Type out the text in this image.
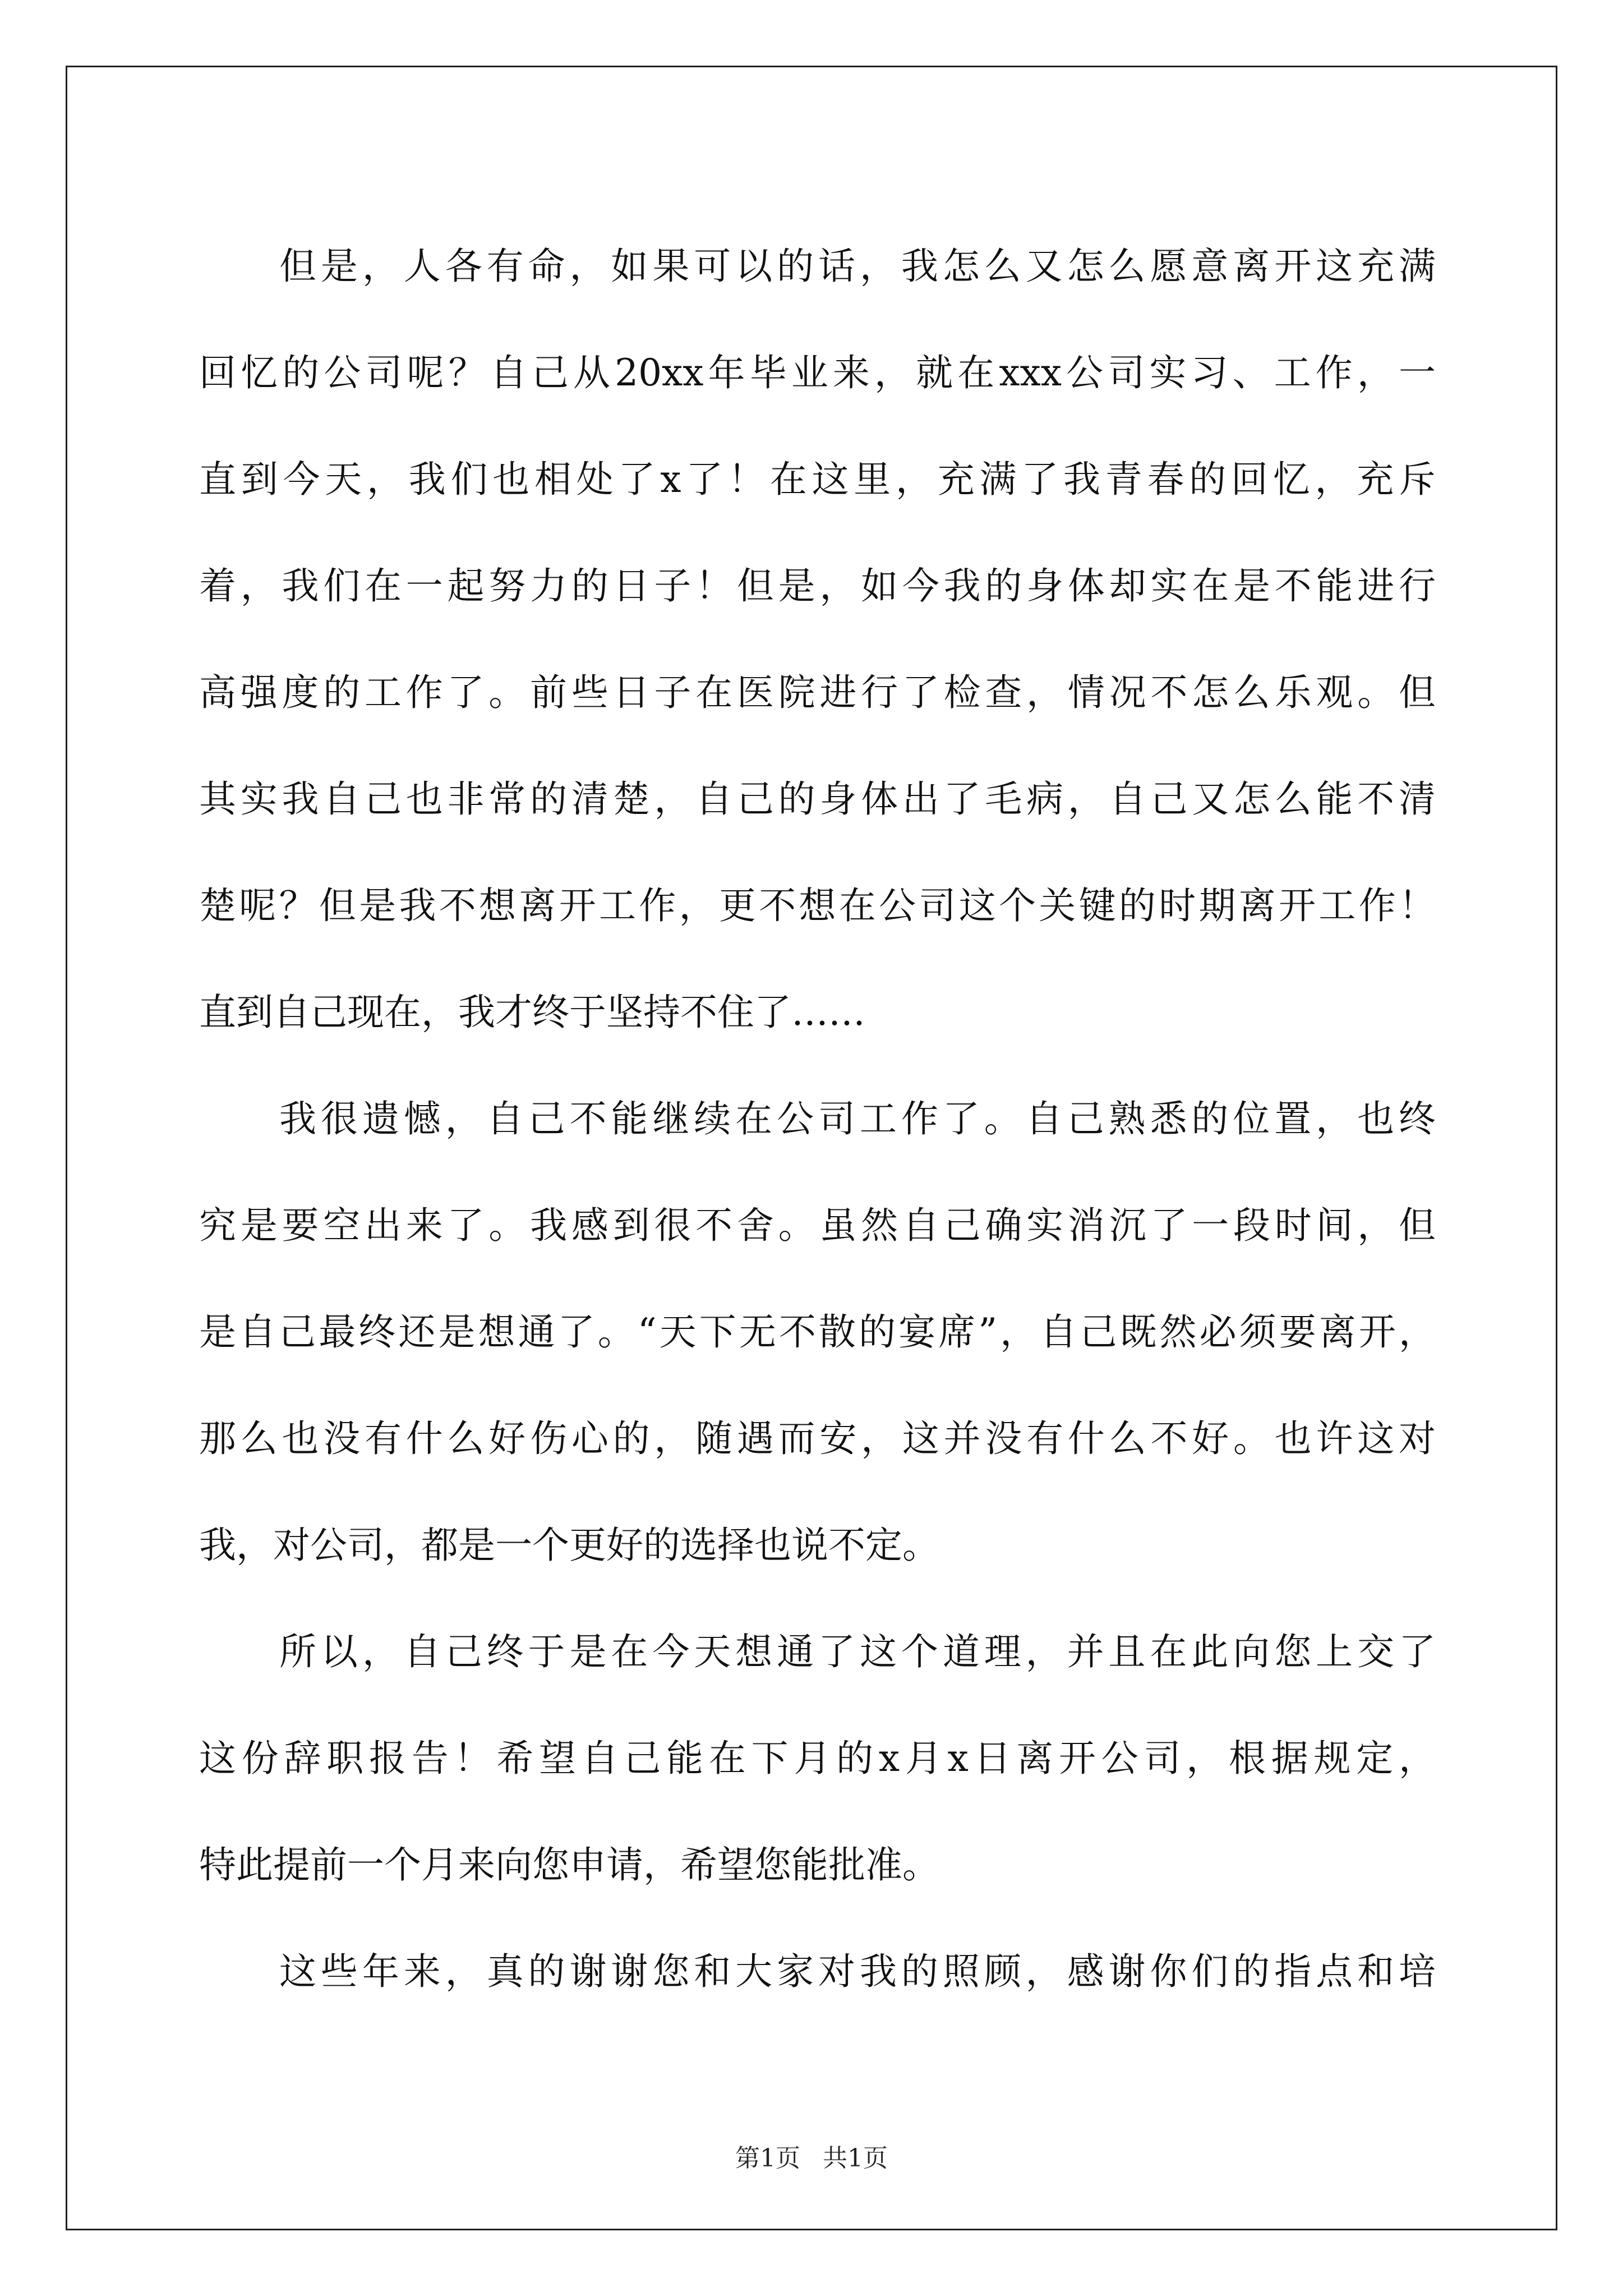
但是，人各有命，如果可以的话，我怎么又怎么愿意离开这充满
回忆的公司呢？自己从20xx年毕业来，就在xxx公司实习、工作，一
直到今天，我们也相处了x了！在这里，充满了我青春的回忆，充斥
着，我们在一起努力的日子！但是，如今我的身体却实在是不能进行
高强度的工作了。前些日子在医院进行了检查，情况不怎么乐观。但
其实我自己也非常的清楚，自己的身体出了毛病，自己又怎么能不清
楚呢？但是我不想离开工作，更不想在公司这个关键的时期离开工作！
直到自己现在，我才终于坚持不住了……
我很遗憾，自己不能继续在公司工作了。自己熟悉的位置，也终
究是要空出来了。我感到很不舍。虽然自己确实消沉了一段时间，但
是自己最终还是想通了。“天下无不散的宴席”，自己既然必须要离开，
那么也没有什么好伤心的，随遇而安，这并没有什么不好。也许这对
我，对公司，都是一个更好的选择也说不定。
所以，自己终于是在今天想通了这个道理，并且在此向您上交了
这份辞职报告！希望自己能在下月的x月x日离开公司，根据规定，
特此提前一个月来向您申请，希望您能批准。
这些年来，真的谢谢您和大家对我的照顾，感谢你们的指点和培
第1页 共1页
